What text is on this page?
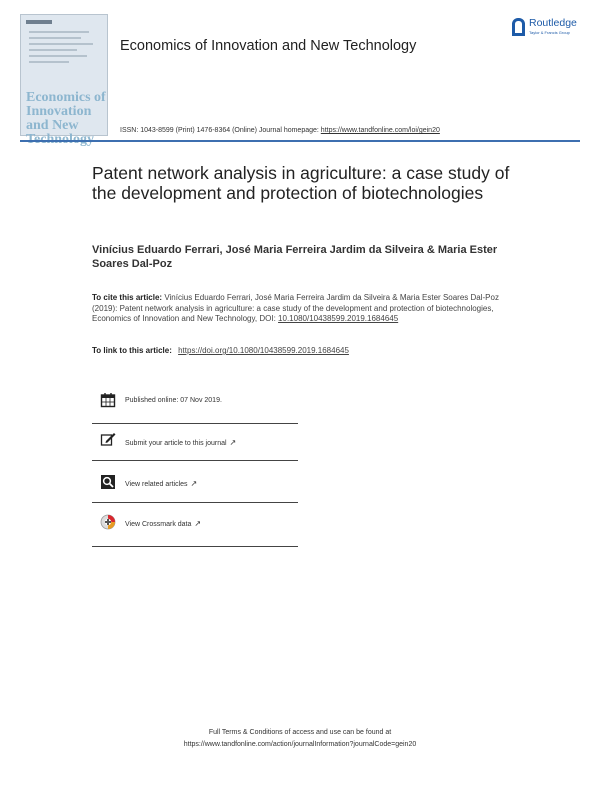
Economics of Innovation and New
Economics of Innovation and New Technology
Routledge
Taylor & Francis Group
ISSN: 1043-8599 (Print) 1476-8364 (Online) Journal homepage: https://www.tandfonline.com/loi/gein20
Patent network analysis in agriculture: a case study of the development and protection of biotechnologies
Vinícius Eduardo Ferrari, José Maria Ferreira Jardim da Silveira & Maria Ester Soares Dal-Poz
To cite this article: Vinícius Eduardo Ferrari, José Maria Ferreira Jardim da Silveira & Maria Ester Soares Dal-Poz (2019): Patent network analysis in agriculture: a case study of the development and protection of biotechnologies, Economics of Innovation and New Technology, DOI: 10.1080/10438599.2019.1684645
To link to this article: https://doi.org/10.1080/10438599.2019.1684645
Published online: 07 Nov 2019.
Submit your article to this journal ↗
View related articles ↗
View Crossmark data ↗
Full Terms & Conditions of access and use can be found at
https://www.tandfonline.com/action/journalInformation?journalCode=gein20
